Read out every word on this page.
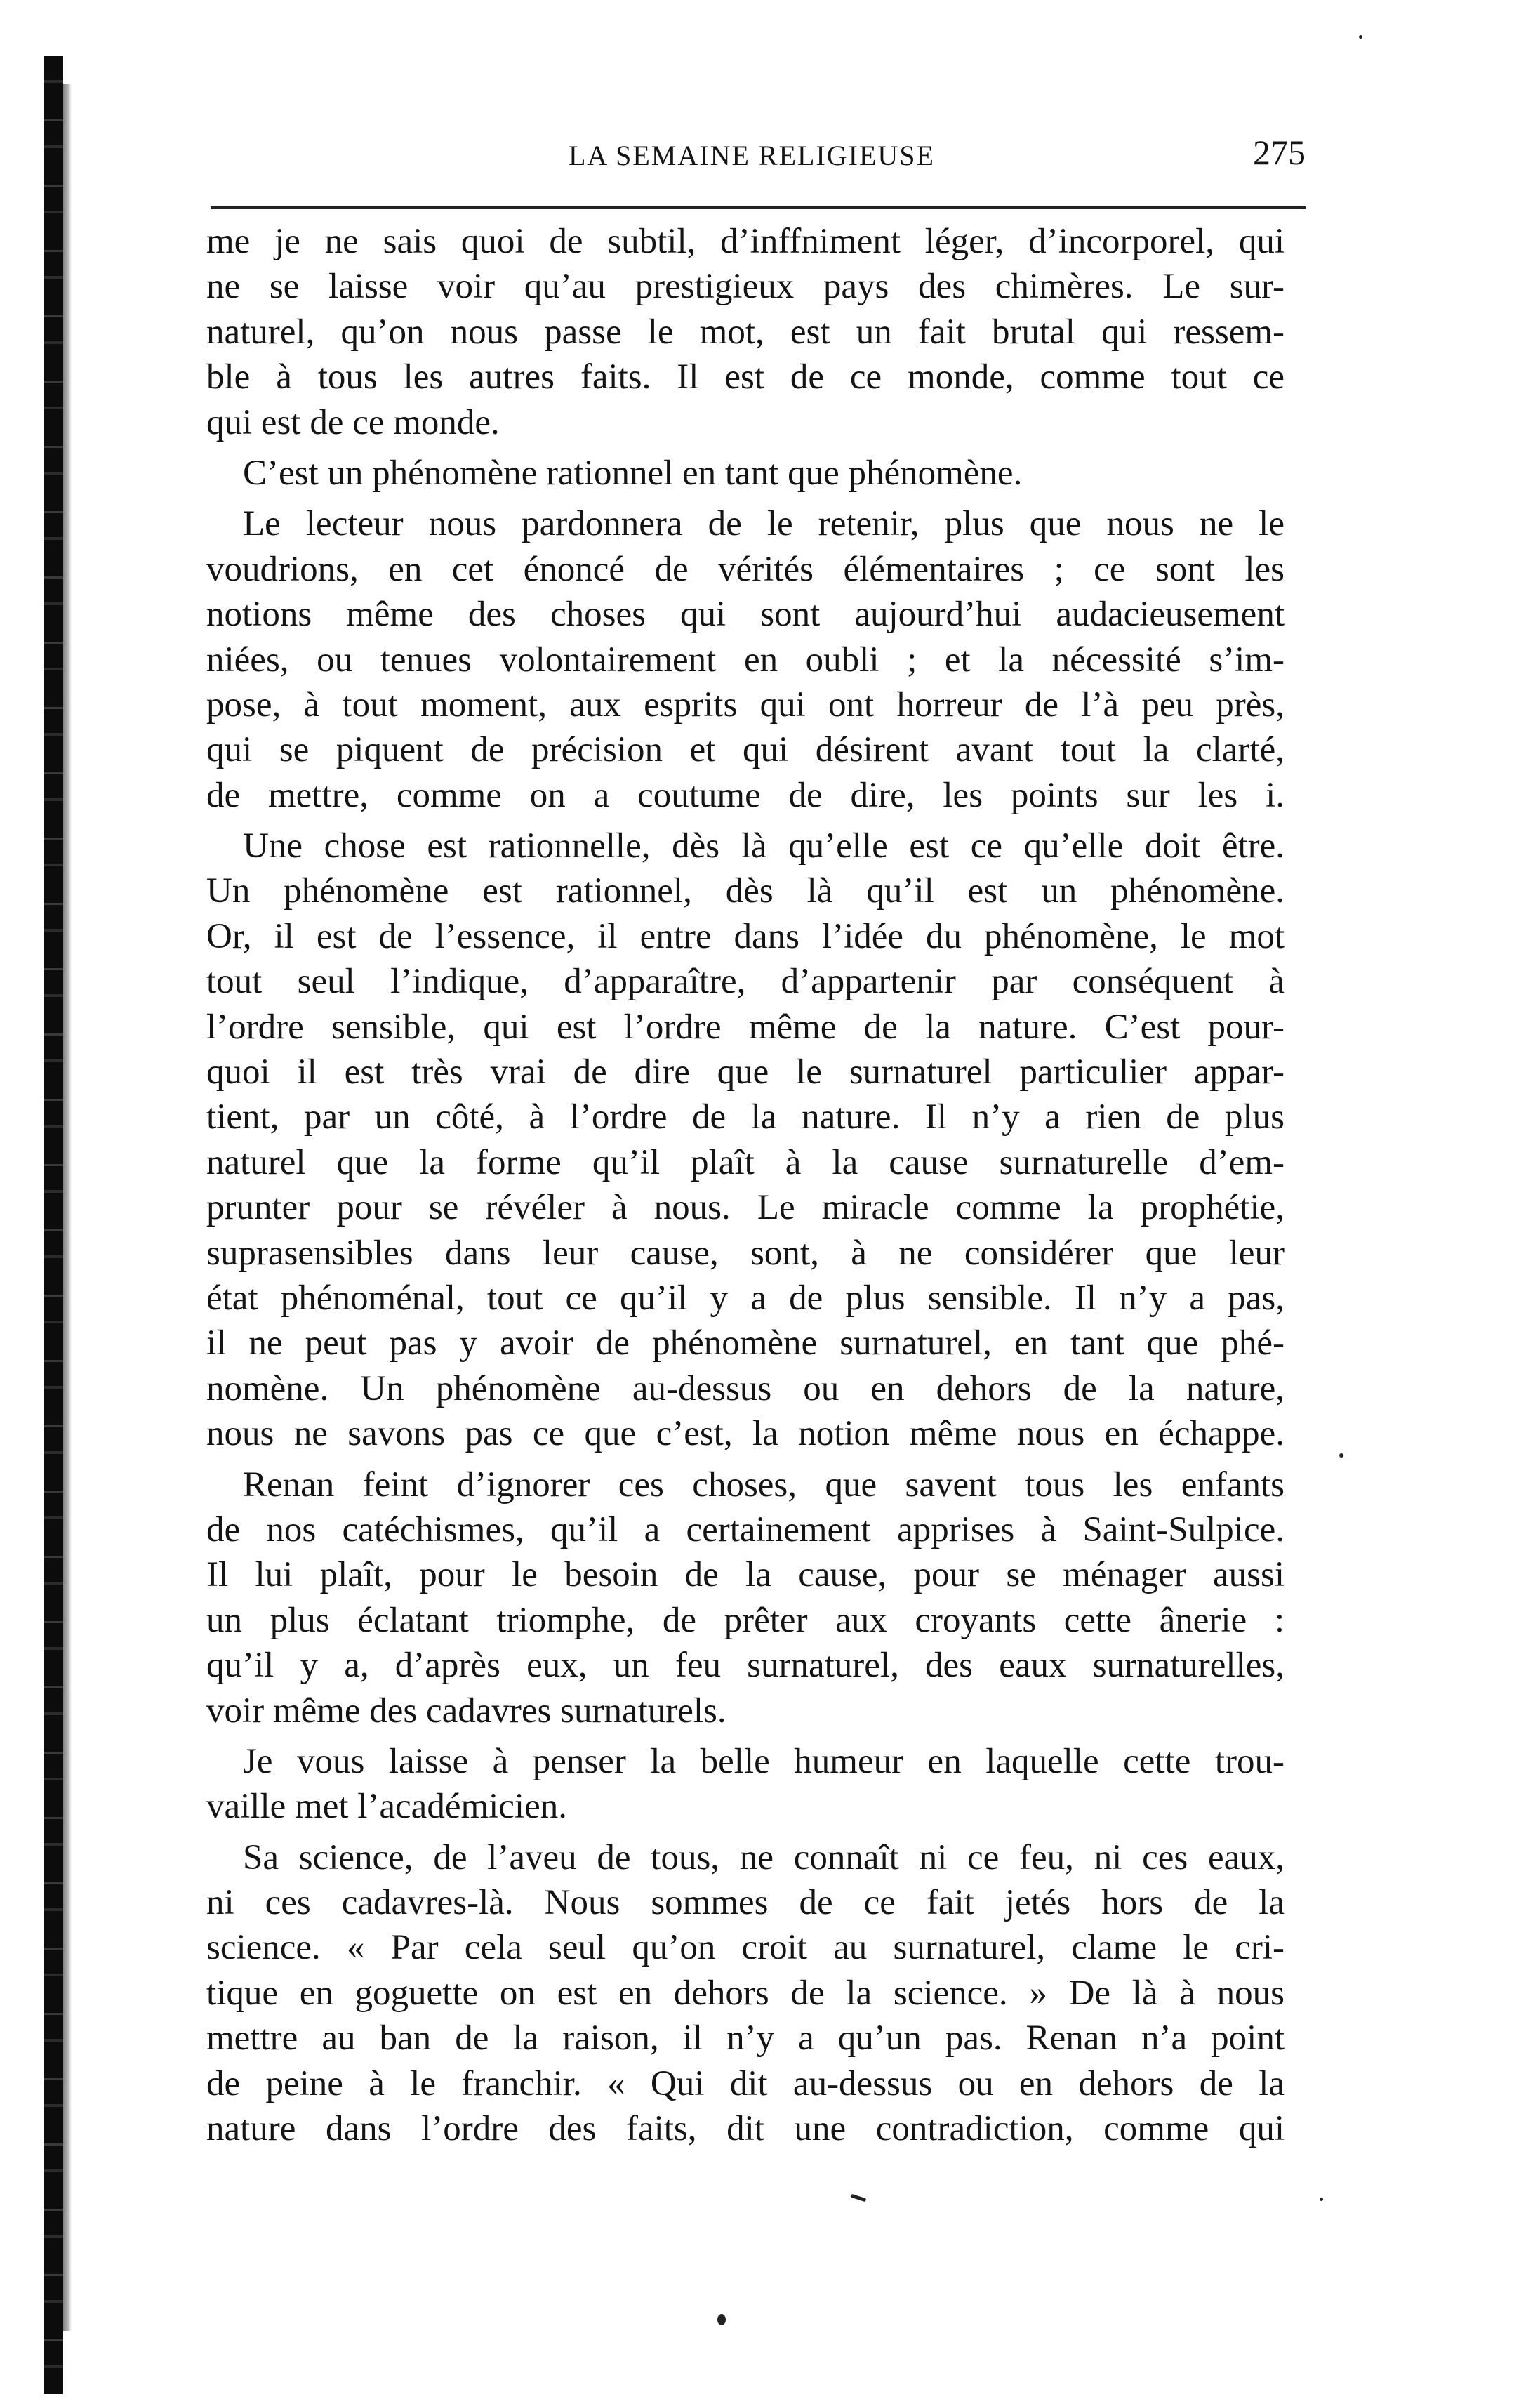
LA SEMAINE RELIGIEUSE	275
me je ne sais quoi de subtil, d’inffniment léger, d’incorporel, qui
ne se laisse voir qu’au prestigieux pays des chimères. Le sur-
naturel, qu’on nous passe le mot, est un fait brutal qui ressem-
ble à tous les autres faits. Il est de ce monde, comme tout ce
qui est de ce monde.
C’est un phénomène rationnel en tant que phénomène.
Le lecteur nous pardonnera de le retenir, plus que nous ne le
voudrions, en cet énoncé de vérités élémentaires ; ce sont les
notions même des choses qui sont aujourd’hui audacieusement
niées, ou tenues volontairement en oubli ; et la nécessité s’im-
pose, à tout moment, aux esprits qui ont horreur de l’à peu près,
qui se piquent de précision et qui désirent avant tout la clarté,
de mettre, comme on a coutume de dire, les points sur les i.
Une chose est rationnelle, dès là qu’elle est ce qu’elle doit être.
Un phénomène est rationnel, dès là qu’il est un phénomène.
Or, il est de l’essence, il entre dans l’idée du phénomène, le mot
tout seul l’indique, d’apparaître, d’appartenir par conséquent à
l’ordre sensible, qui est l’ordre même de la nature. C’est pour-
quoi il est très vrai de dire que le surnaturel particulier appar-
tient, par un côté, à l’ordre de la nature. Il n’y a rien de plus
naturel que la forme qu’il plaît à la cause surnaturelle d’em-
prunter pour se révéler à nous. Le miracle comme la prophétie,
suprasensibles dans leur cause, sont, à ne considérer que leur
état phénoménal, tout ce qu’il y a de plus sensible. Il n’y a pas,
il ne peut pas y avoir de phénomène surnaturel, en tant que phé-
nomène. Un phénomène au-dessus ou en dehors de la nature,
nous ne savons pas ce que c’est, la notion même nous en échappe.
Renan feint d’ignorer ces choses, que savent tous les enfants
de nos catéchismes, qu’il a certainement apprises à Saint-Sulpice.
Il lui plaît, pour le besoin de la cause, pour se ménager aussi
un plus éclatant triomphe, de prêter aux croyants cette ânerie :
qu’il y a, d’après eux, un feu surnaturel, des eaux surnaturelles,
voir même des cadavres surnaturels.
Je vous laisse à penser la belle humeur en laquelle cette trou-
vaille met l’académicien.
Sa science, de l’aveu de tous, ne connaît ni ce feu, ni ces eaux,
ni ces cadavres-là. Nous sommes de ce fait jetés hors de la
science. « Par cela seul qu’on croit au surnaturel, clame le cri-
tique en goguette on est en dehors de la science. » De là à nous
mettre au ban de la raison, il n’y a qu’un pas. Renan n’a point
de peine à le franchir. « Qui dit au-dessus ou en dehors de la
nature dans l’ordre des faits, dit une contradiction, comme qui
